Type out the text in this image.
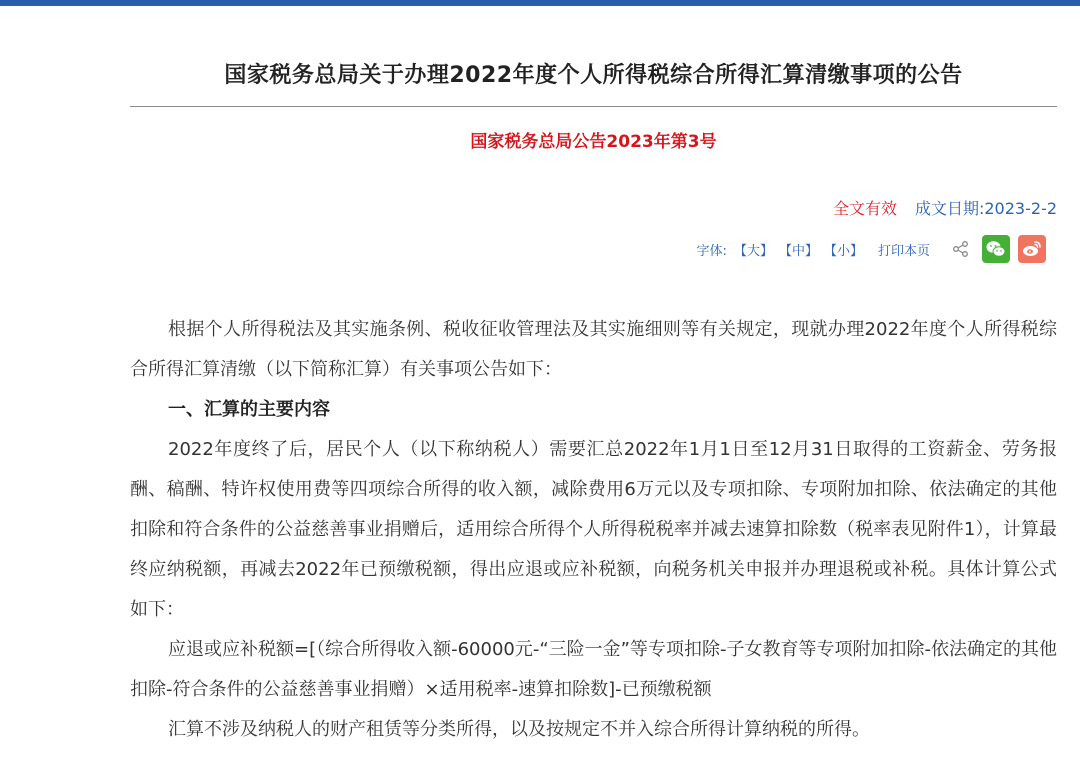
国家税务总局关于办理2022年度个人所得税综合所得汇算清缴事项的公告
国家税务总局公告2023年第3号
全文有效 成文日期:2023-2-2
字体: 【大】 【中】 【小】 打印本页

根据个人所得税法及其实施条例、税收征收管理法及其实施细则等有关规定，现就办理2022年度个人所得税综合所得汇算清缴（以下简称汇算）有关事项公告如下：

一、汇算的主要内容

2022年度终了后，居民个人（以下称纳税人）需要汇总2022年1月1日至12月31日取得的工资薪金、劳务报酬、稿酬、特许权使用费等四项综合所得的收入额，减除费用6万元以及专项扣除、专项附加扣除、依法确定的其他扣除和符合条件的公益慈善事业捐赠后，适用综合所得个人所得税税率并减去速算扣除数（税率表见附件1），计算最终应纳税额，再减去2022年已预缴税额，得出应退或应补税额，向税务机关申报并办理退税或补税。具体计算公式如下：

应退或应补税额=[（综合所得收入额-60000元-“三险一金”等专项扣除-子女教育等专项附加扣除-依法确定的其他扣除-符合条件的公益慈善事业捐赠）×适用税率-速算扣除数]-已预缴税额

汇算不涉及纳税人的财产租赁等分类所得，以及按规定不并入综合所得计算纳税的所得。
